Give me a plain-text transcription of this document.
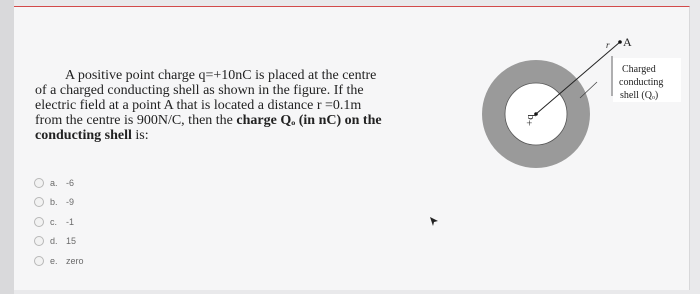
A positive point charge q=+10nC is placed at the centre
of a charged conducting shell as shown in the figure. If the
electric field at a point A that is located a distance r =0.1m
from the centre is 900N/C, then the charge Qₒ (in nC) on the
conducting shell is:
+q
A
r
Charged
conducting
shell (Qₒ)
a. -6
b. -9
c. -1
d. 15
e. zero
